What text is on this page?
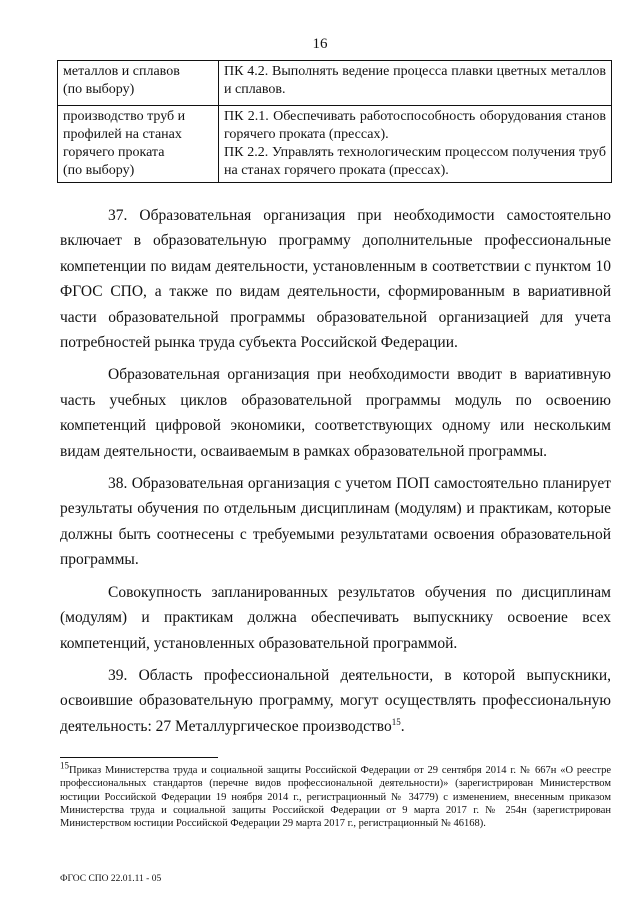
16
металлов и сплавов
(по выбору)	ПК 4.2. Выполнять ведение процесса плавки цветных металлов и сплавов.

производство труб и
профилей на станах
горячего проката
(по выбору)	ПК 2.1. Обеспечивать работоспособность оборудования станов горячего проката (прессах).
ПК 2.2. Управлять технологическим процессом получения труб на станах горячего проката (прессах).

37. Образовательная организация при необходимости самостоятельно включает в образовательную программу дополнительные профессиональные компетенции по видам деятельности, установленным в соответствии с пунктом 10 ФГОС СПО, а также по видам деятельности, сформированным в вариативной части образовательной программы образовательной организацией для учета потребностей рынка труда субъекта Российской Федерации.

Образовательная организация при необходимости вводит в вариативную часть учебных циклов образовательной программы модуль по освоению компетенций цифровой экономики, соответствующих одному или нескольким видам деятельности, осваиваемым в рамках образовательной программы.

38. Образовательная организация с учетом ПОП самостоятельно планирует результаты обучения по отдельным дисциплинам (модулям) и практикам, которые должны быть соотнесены с требуемыми результатами освоения образовательной программы.

Совокупность запланированных результатов обучения по дисциплинам (модулям) и практикам должна обеспечивать выпускнику освоение всех компетенций, установленных образовательной программой.

39. Область профессиональной деятельности, в которой выпускники, освоившие образовательную программу, могут осуществлять профессиональную деятельность: 27 Металлургическое производство$^{15}$.

$^{15}$Приказ Министерства труда и социальной защиты Российской Федерации от 29 сентября 2014 г. № 667н «О реестре профессиональных стандартов (перечне видов профессиональной деятельности)» (зарегистрирован Министерством юстиции Российской Федерации 19 ноября 2014 г., регистрационный № 34779) с изменением, внесенным приказом Министерства труда и социальной защиты Российской Федерации от 9 марта 2017 г. № 254н (зарегистрирован Министерством юстиции Российской Федерации 29 марта 2017 г., регистрационный № 46168).
ФГОС СПО 22.01.11 - 05
